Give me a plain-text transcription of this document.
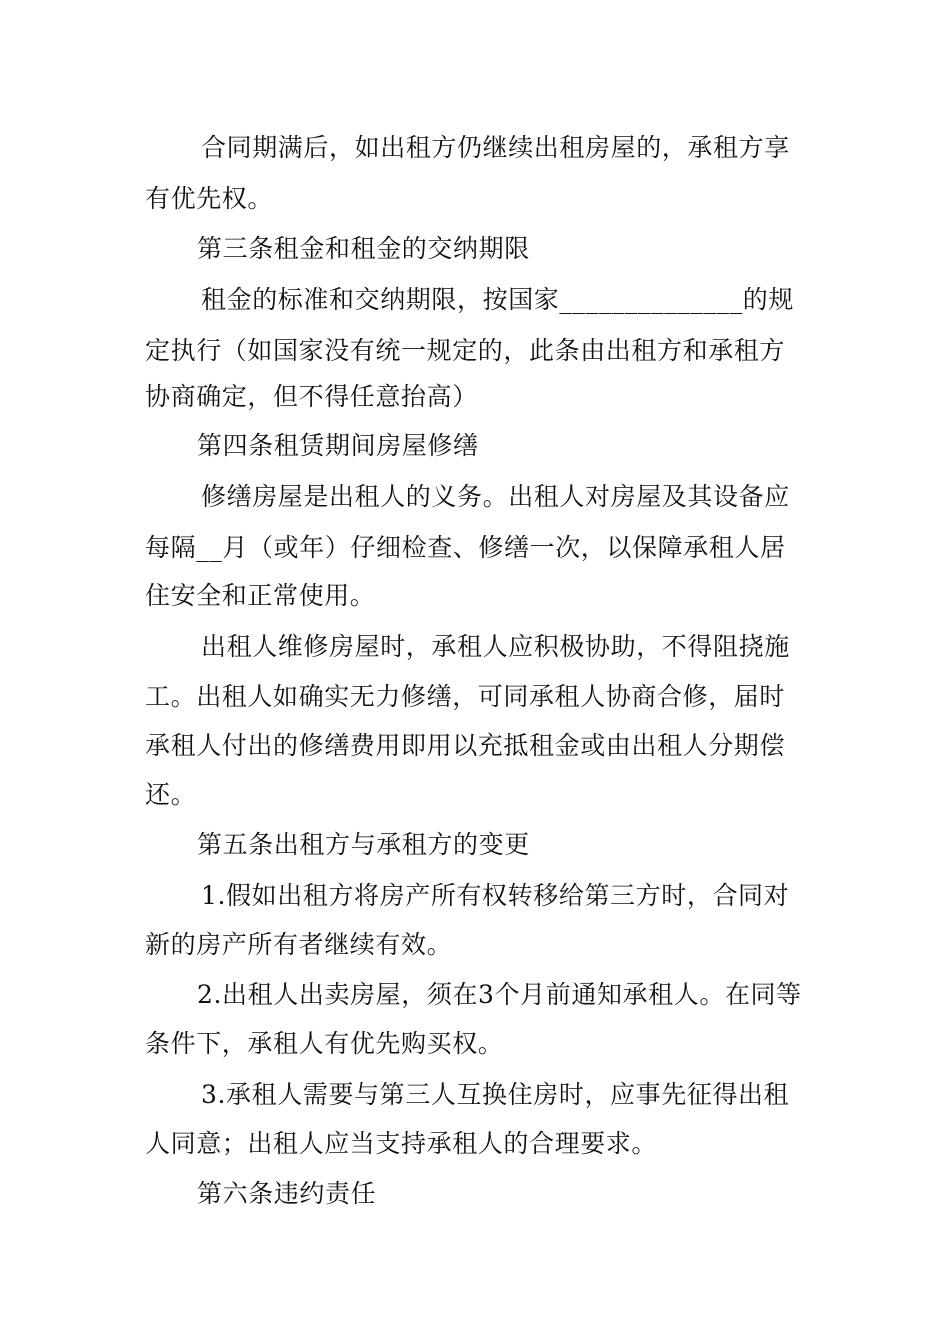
合同期满后，如出租方仍继续出租房屋的，承租方享
有优先权。
第三条租金和租金的交纳期限
租金的标准和交纳期限，按国家______________的规
定执行（如国家没有统一规定的，此条由出租方和承租方
协商确定，但不得任意抬高）
第四条租赁期间房屋修缮
修缮房屋是出租人的义务。出租人对房屋及其设备应
每隔__月（或年）仔细检查、修缮一次，以保障承租人居
住安全和正常使用。
出租人维修房屋时，承租人应积极协助，不得阻挠施
工。出租人如确实无力修缮，可同承租人协商合修，届时
承租人付出的修缮费用即用以充抵租金或由出租人分期偿
还。
第五条出租方与承租方的变更
1.假如出租方将房产所有权转移给第三方时，合同对
新的房产所有者继续有效。
2.出租人出卖房屋，须在3个月前通知承租人。在同等
条件下，承租人有优先购买权。
3.承租人需要与第三人互换住房时，应事先征得出租
人同意；出租人应当支持承租人的合理要求。
第六条违约责任
